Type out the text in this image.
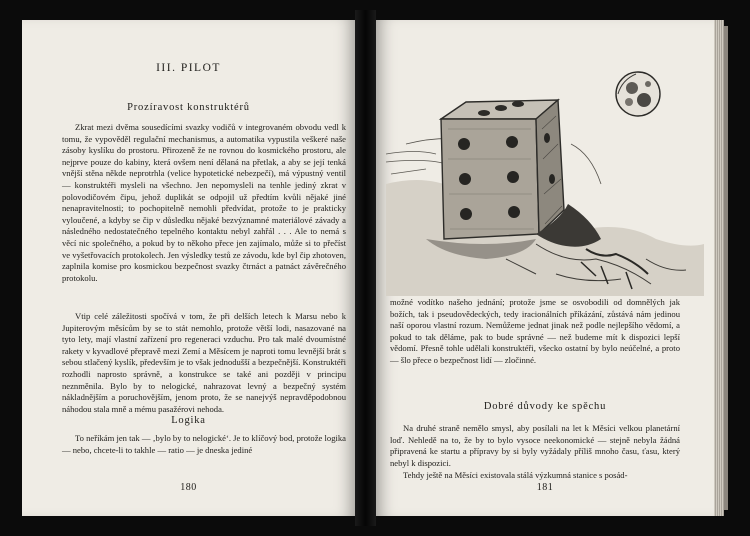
III. PILOT
Prozíravost konstruktérů

Zkrat mezi dvěma sousedícími svazky vodičů v integrovaném obvodu vedl k tomu, že vypověděl regulační mechanismus, a automatika vypustila veškeré naše zásoby kyslíku do prostoru. Přirozeně že ne rovnou do kosmického prostoru, ale nejprve pouze do kabiny, která ovšem není dělaná na přetlak, a aby se její tenká vnější stěna někde neprotrhla (velice hypotetické nebezpečí), má výpustný ventil — konstruktéři mysleli na všechno. Jen nepomysleli na tenhle jediný zkrat v polovodičovém čipu, jehož duplikát se odpojil už předtím kvůli nějaké jiné nenapravitelnosti; to pochopitelně nemohli předvídat, protože to je prakticky vyloučené, a kdyby se čip v důsledku nějaké bezvýznamné materiálové závady a následného nedostatečného tepelného kontaktu nebyl zahřál . . . Ale to nemá s věcí nic společného, a pokud by to někoho přece jen zajímalo, může si to přečíst ve vyšetřovacích protokolech. Jen výsledky testů ze závodu, kde byl čip zhotoven, zaplnila komise pro kosmickou bezpečnost svazky čtrnáct a patnáct závěrečného protokolu.

Vtip celé záležitosti spočívá v tom, že při delších letech k Marsu nebo k Jupiterovým měsícům by se to stát nemohlo, protože větší lodi, nasazované na tyto lety, mají vlastní zařízení pro regeneraci vzduchu. Pro tak malé dvoumístné rakety v kyvadlové přepravě mezi Zemí a Měsícem je naproti tomu levnější brát s sebou stlačený kyslík, především je to však jednodušší a bezpečnější. Konstruktéři rozhodli naprosto správně, a konstrukce se také ani později v principu neznměnila. Bylo by to nelogické, nahrazovat levný a bezpečný systém nákladnějším a poruchovějším, jenom proto, že se nanejvýš nepravděpodobnou náhodou stala mně a mému pasažérovi nehoda.

Logika

To neříkám jen tak — ‚bylo by to nelogické‘. Je to klíčový bod, protože logika — nebo, chcete-li to takhle — ratio — je dneska jediné

180

možné vodítko našeho jednání; protože jsme se osvobodili od domnělých jak božích, tak i pseudovědeckých, tedy iracionálních příkázání, zůstává nám jedinou naší oporou vlastní rozum. Nemůžeme jednat jinak než podle nejlepšího vědomí, a pokud to tak děláme, pak to bude správné — než budeme mít k dispozici lepší vědomí. Přesně tohle udělali konstruktéři, všecko ostatní by bylo neúčelné, a proto — šlo přece o bezpečnost lidí — zločinné.

Dobré důvody ke spěchu

Na druhé straně nemělo smysl, aby posílali na let k Měsíci velkou planetární loď. Nehledě na to, že by to bylo vysoce neekonomické — stejně nebyla žádná připravená ke startu a přípravy by si byly vyžádaly příliš mnoho času, ťasu, který nebyl k dispozici.

Tehdy ještě na Měsíci existovala stálá výzkumná stanice s posád-

181
